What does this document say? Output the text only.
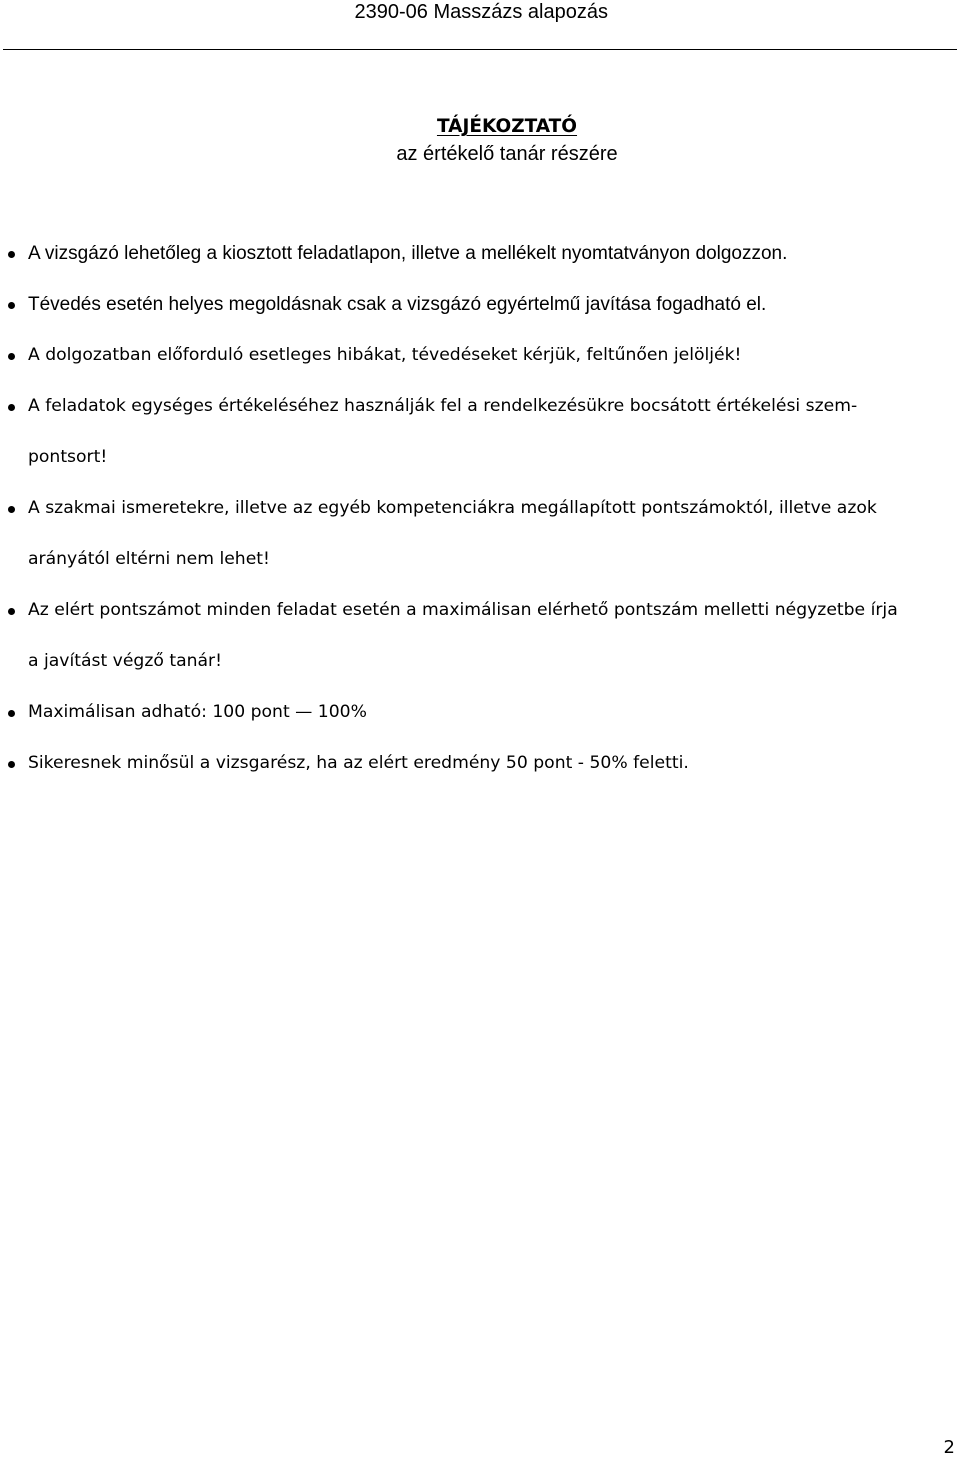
2390-06 Masszázs alapozás
TÁJÉKOZTATÓ
az értékelő tanár részére
A vizsgázó lehetőleg a kiosztott feladatlapon, illetve a mellékelt nyomtatványon dolgozzon.
Tévedés esetén helyes megoldásnak csak a vizsgázó egyértelmű javítása fogadható el.
A dolgozatban előforduló esetleges hibákat, tévedéseket kérjük, feltűnően jelöljék!
A feladatok egységes értékeléséhez használják fel a rendelkezésükre bocsátott értékelési szem-
pontsort!
A szakmai ismeretekre, illetve az egyéb kompetenciákra megállapított pontszámoktól, illetve azok
arányától eltérni nem lehet!
Az elért pontszámot minden feladat esetén a maximálisan elérhető pontszám melletti négyzetbe írja
a javítást végző tanár!
Maximálisan adható: 100 pont — 100%
Sikeresnek minősül a vizsgarész, ha az elért eredmény 50 pont - 50% feletti.
2
